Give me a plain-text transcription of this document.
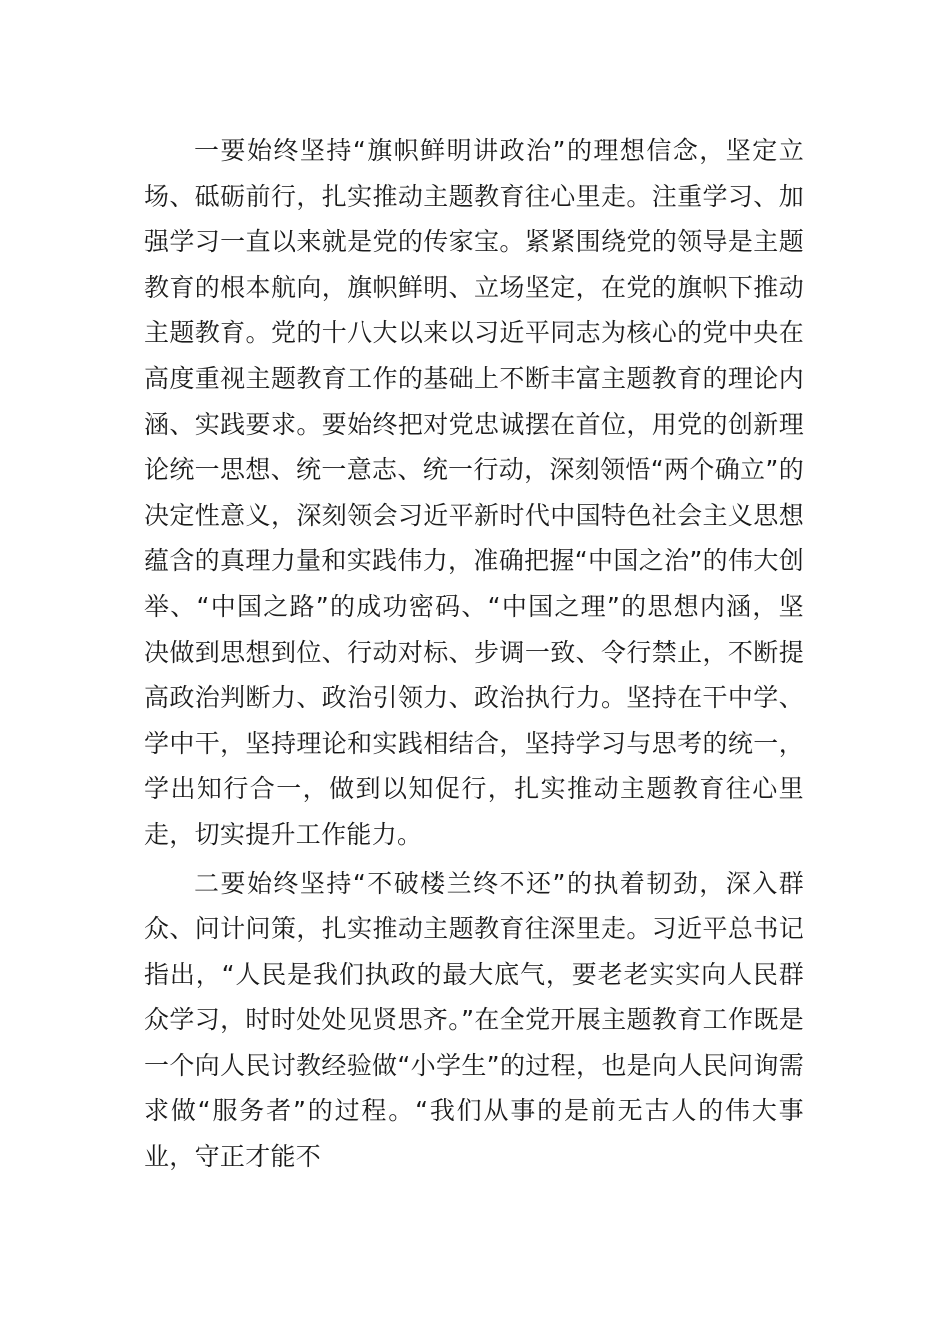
一要始终坚持“旗帜鲜明讲政治”的理想信念，坚定立场、砥砺前行，扎实推动主题教育往心里走。注重学习、加强学习一直以来就是党的传家宝。紧紧围绕党的领导是主题教育的根本航向，旗帜鲜明、立场坚定，在党的旗帜下推动主题教育。党的十八大以来以习近平同志为核心的党中央在高度重视主题教育工作的基础上不断丰富主题教育的理论内涵、实践要求。要始终把对党忠诚摆在首位，用党的创新理论统一思想、统一意志、统一行动，深刻领悟“两个确立”的决定性意义，深刻领会习近平新时代中国特色社会主义思想蕴含的真理力量和实践伟力，准确把握“中国之治”的伟大创举、“中国之路”的成功密码、“中国之理”的思想内涵，坚决做到思想到位、行动对标、步调一致、令行禁止，不断提高政治判断力、政治引领力、政治执行力。坚持在干中学、学中干，坚持理论和实践相结合，坚持学习与思考的统一，学出知行合一，做到以知促行，扎实推动主题教育往心里走，切实提升工作能力。

二要始终坚持“不破楼兰终不还”的执着韧劲，深入群众、问计问策，扎实推动主题教育往深里走。习近平总书记指出，“人民是我们执政的最大底气，要老老实实向人民群众学习，时时处处见贤思齐。”在全党开展主题教育工作既是一个向人民讨教经验做“小学生”的过程，也是向人民问询需求做“服务者”的过程。“我们从事的是前无古人的伟大事业，守正才能不
